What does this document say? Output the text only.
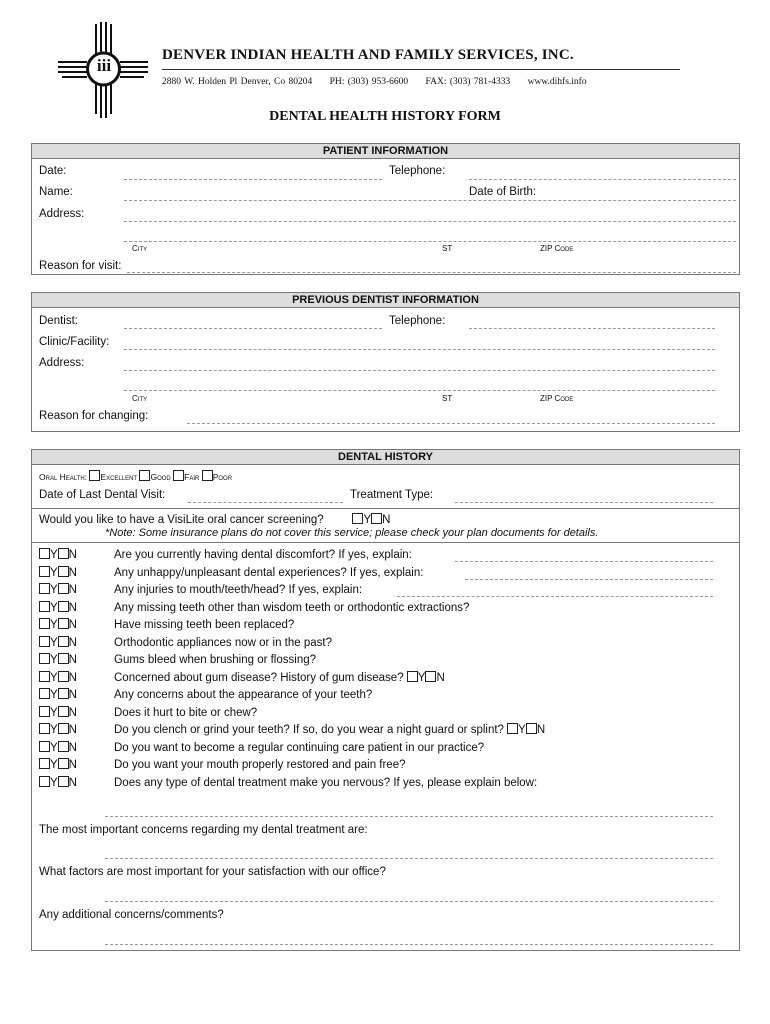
iii
DENVER INDIAN HEALTH AND FAMILY SERVICES, INC.
2880 W. Holden Pl Denver, Co 80204 PH: (303) 953-6600 FAX: (303) 781-4333 www.dihfs.info
DENTAL HEALTH HISTORY FORM
PATIENT INFORMATION
Date:	Telephone:
Name:	Date of Birth:
Address:
City	ST	ZIP Code
Reason for visit:
PREVIOUS DENTIST INFORMATION
Dentist:	Telephone:
Clinic/Facility:
Address:
City	ST	ZIP Code
Reason for changing:
DENTAL HISTORY
Oral Health: Excellent Good Fair Poor
Date of Last Dental Visit:	Treatment Type:
Would you like to have a VisiLite oral cancer screening?	Y N
*Note: Some insurance plans do not cover this service; please check your plan documents for details.
Y N	Are you currently having dental discomfort? If yes, explain:
Y N	Any unhappy/unpleasant dental experiences? If yes, explain:
Y N	Any injuries to mouth/teeth/head? If yes, explain:
Y N	Any missing teeth other than wisdom teeth or orthodontic extractions?
Y N	Have missing teeth been replaced?
Y N	Orthodontic appliances now or in the past?
Y N	Gums bleed when brushing or flossing?
Y N	Concerned about gum disease? History of gum disease? Y N
Y N	Any concerns about the appearance of your teeth?
Y N	Does it hurt to bite or chew?
Y N	Do you clench or grind your teeth? If so, do you wear a night guard or splint? Y N
Y N	Do you want to become a regular continuing care patient in our practice?
Y N	Do you want your mouth properly restored and pain free?
Y N	Does any type of dental treatment make you nervous? If yes, please explain below:
The most important concerns regarding my dental treatment are:
What factors are most important for your satisfaction with our office?
Any additional concerns/comments?
